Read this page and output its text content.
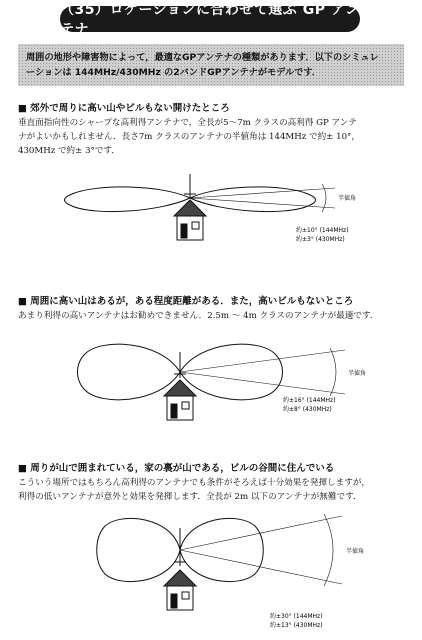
（35）ロケーションに合わせて選ぶ GP アンテナ
周囲の地形や障害物によって，最適なGPアンテナの種類があります．以下のシミュレ
ーションは 144MHz/430MHz の2バンドGPアンテナがモデルです．
■ 郊外で周りに高い山やビルもない開けたところ
垂直面指向性のシャープな高利得アンテナで，全長が5〜7m クラスの高利得 GP アンテ
ナがよいかもしれません．長さ7m クラスのアンテナの半値角は 144MHz で約± 10°，
430MHz で約± 3°です．
半値角
約±10° (144MHz)
約±3° (430MHz)
■ 周囲に高い山はあるが，ある程度距離がある．また，高いビルもないところ
あまり利得の高いアンテナはお勧めできません．2.5m 〜 4m クラスのアンテナが最適です．
半値角
約±16° (144MHz)
約±8° (430MHz)
■ 周りが山で囲まれている，家の裏が山である，ビルの谷間に住んでいる
こういう場所ではもちろん高利得のアンテナでも条件がそろえば十分効果を発揮しますが，
利得の低いアンテナが意外と効果を発揮します．全長が 2m 以下のアンテナが無難です．
半値角
約±30° (144MHz)
約±13° (430MHz)
